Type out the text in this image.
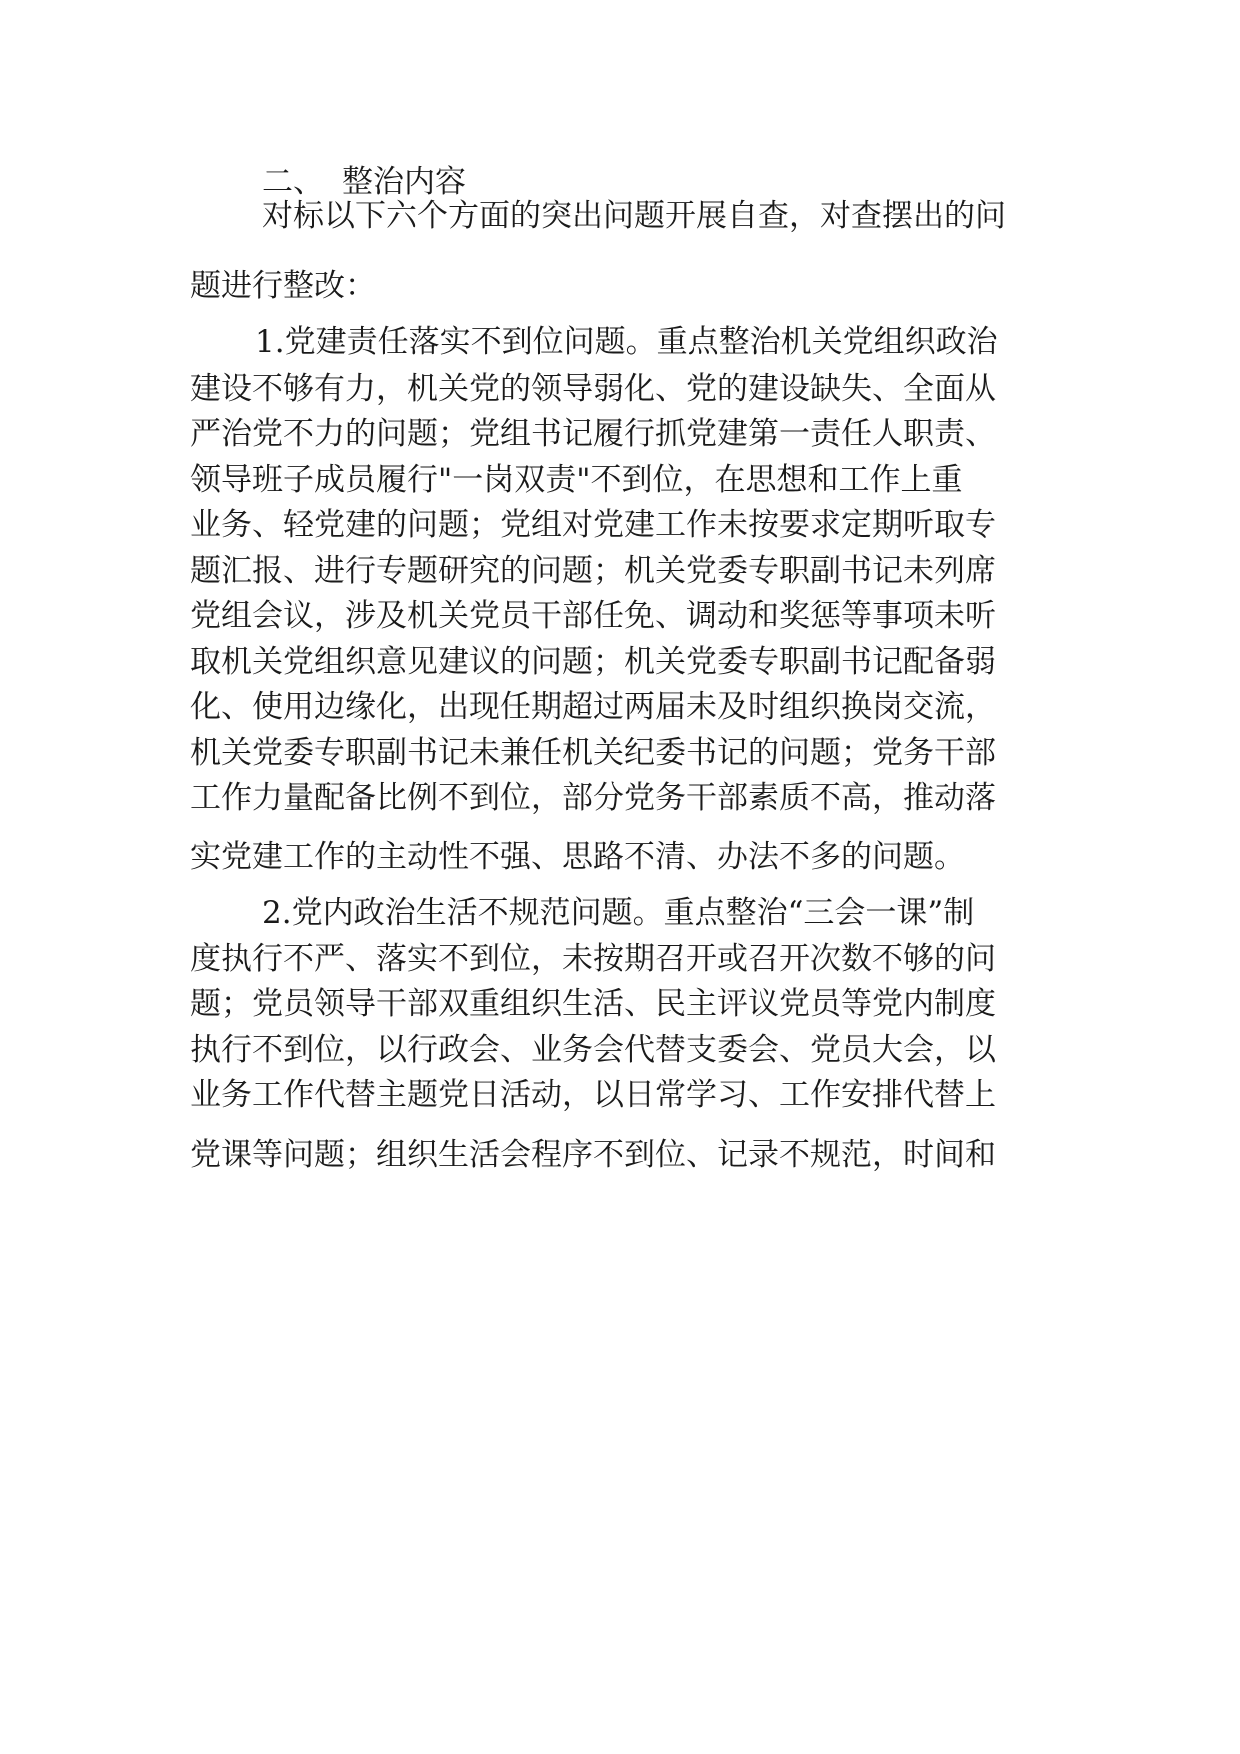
二、 整治内容

对标以下六个方面的突出问题开展自查，对查摆出的问

题进行整改：

1.党建责任落实不到位问题。重点整治机关党组织政治

建设不够有力，机关党的领导弱化、党的建设缺失、全面从

严治党不力的问题；党组书记履行抓党建第一责任人职责、

领导班子成员履行"一岗双责"不到位，在思想和工作上重

业务、轻党建的问题；党组对党建工作未按要求定期听取专

题汇报、进行专题研究的问题；机关党委专职副书记未列席

党组会议，涉及机关党员干部任免、调动和奖惩等事项未听

取机关党组织意见建议的问题；机关党委专职副书记配备弱

化、使用边缘化，出现任期超过两届未及时组织换岗交流，

机关党委专职副书记未兼任机关纪委书记的问题；党务干部

工作力量配备比例不到位，部分党务干部素质不高，推动落

实党建工作的主动性不强、思路不清、办法不多的问题。

2.党内政治生活不规范问题。重点整治“三会一课”制

度执行不严、落实不到位，未按期召开或召开次数不够的问

题；党员领导干部双重组织生活、民主评议党员等党内制度

执行不到位，以行政会、业务会代替支委会、党员大会，以

业务工作代替主题党日活动，以日常学习、工作安排代替上

党课等问题；组织生活会程序不到位、记录不规范，时间和
